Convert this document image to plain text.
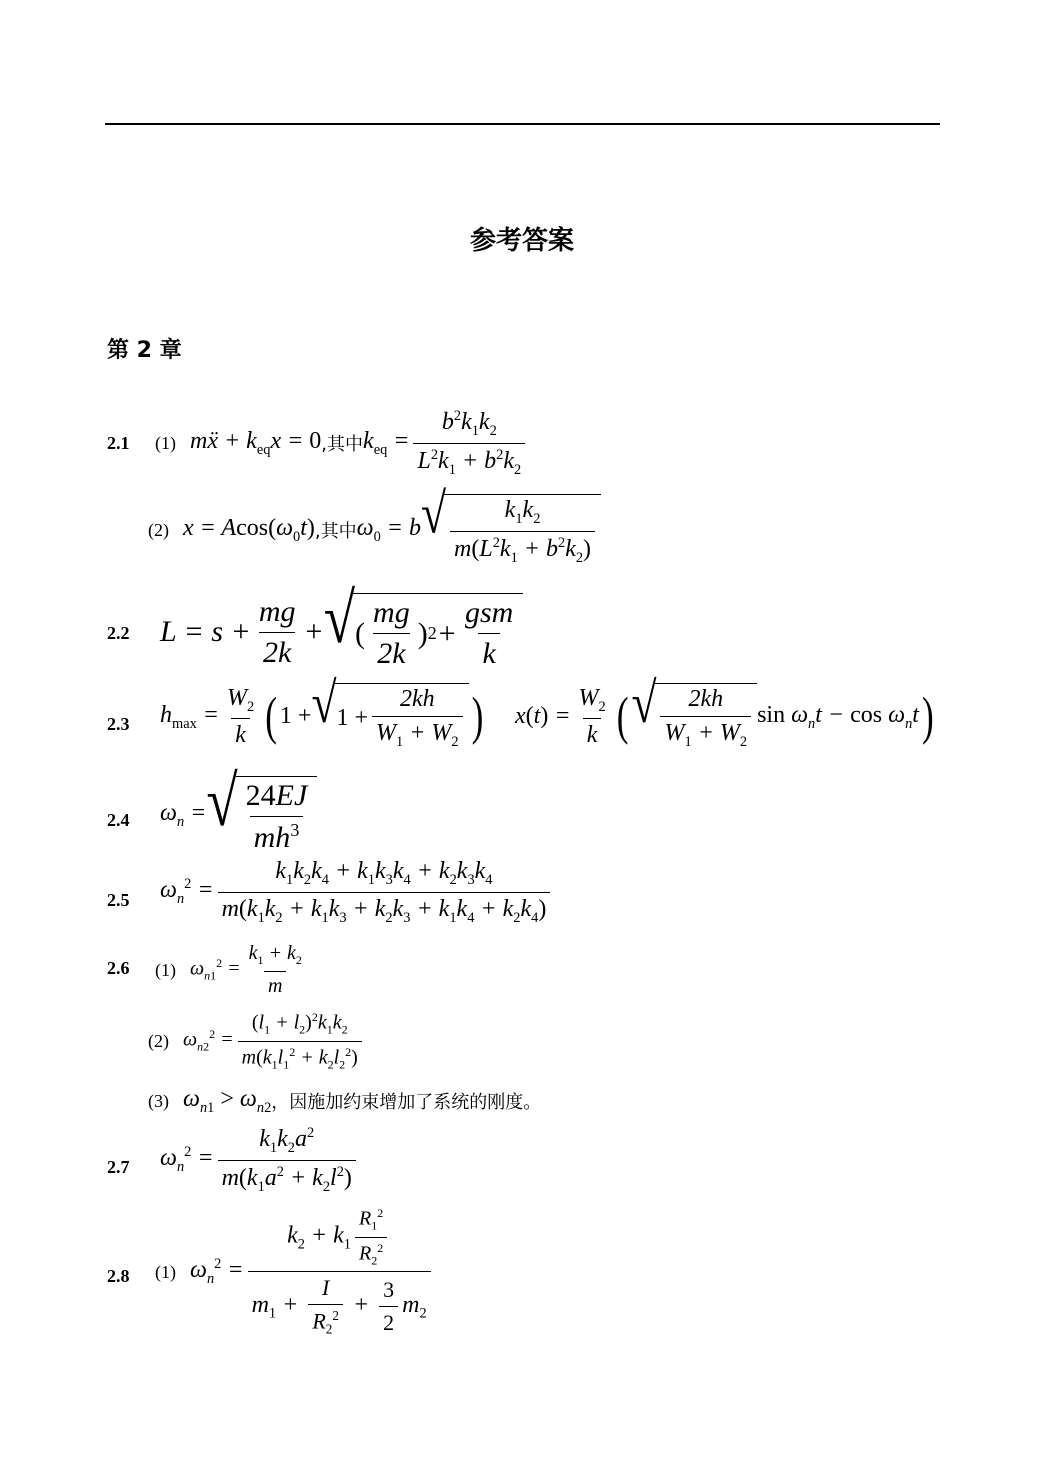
参考答案
第 2 章
2.1 (1) mẍ + $k_{eq}x = 0$ ,其中 $k_{eq} = \frac{b^2k_1k_2}{L^2k_1 + b^2k_2}$
(2) $x = Acos(\omega_0t)$ ,其中 $\omega_0 = b$ √ $\frac{k_1k_2}{m(L^2k_1 + b^2k_2)}$
2.2 $L = s + \frac{mg}{2k}$ + √ ( $\frac{mg}{2k}$ ) $2 + \frac{\text{gsm}}{k}$
2.3 $h_{max} = \frac{W_2}{k}$ ( 1 + √ $1 + \frac{2kh}{W_1 + W_2}$ ) $x(t) = \frac{W_2}{k}$ ( √ $\frac{2kh}{W_1 + W_2}$ $\sin \omega_nt - \cos \omega_nt$ )
2.4 $\omega_n$ = √ $\frac{24EJ}{mh^3}$
2.5 $\omega_n^2 = \frac{k_1k_2k_4 + k_1k_3k_4 + k_2k_3k_4}{m(k_1k_2 + k_1k_3 + k_2k_3 + k_1k_4 + k_2k_4)}$
2.6 (1) $\omega_{n1}^2 = \frac{k_1 + k_2}{m}$
(2) $\omega_{n2}^2 = \frac{(l_1 + l_2)^2k_1k_2}{m(k_1l_1^2 + k_2l_2^2)}$
(3) $\omega_{n1} > \omega_{n2}$ ，因施加约束增加了系统的刚度。
2.7 $\omega_n^2 = \frac{k_1k_2a^2}{m(k_1a^2 + k_2l^2)}$
2.8 (1) $\omega_n^2 = \frac{k_2 + k_1 \frac{R_1^2}{R_2^2}}{m_1 + \frac{I}{R_2^2} + \frac{3}{2} m_2}$
